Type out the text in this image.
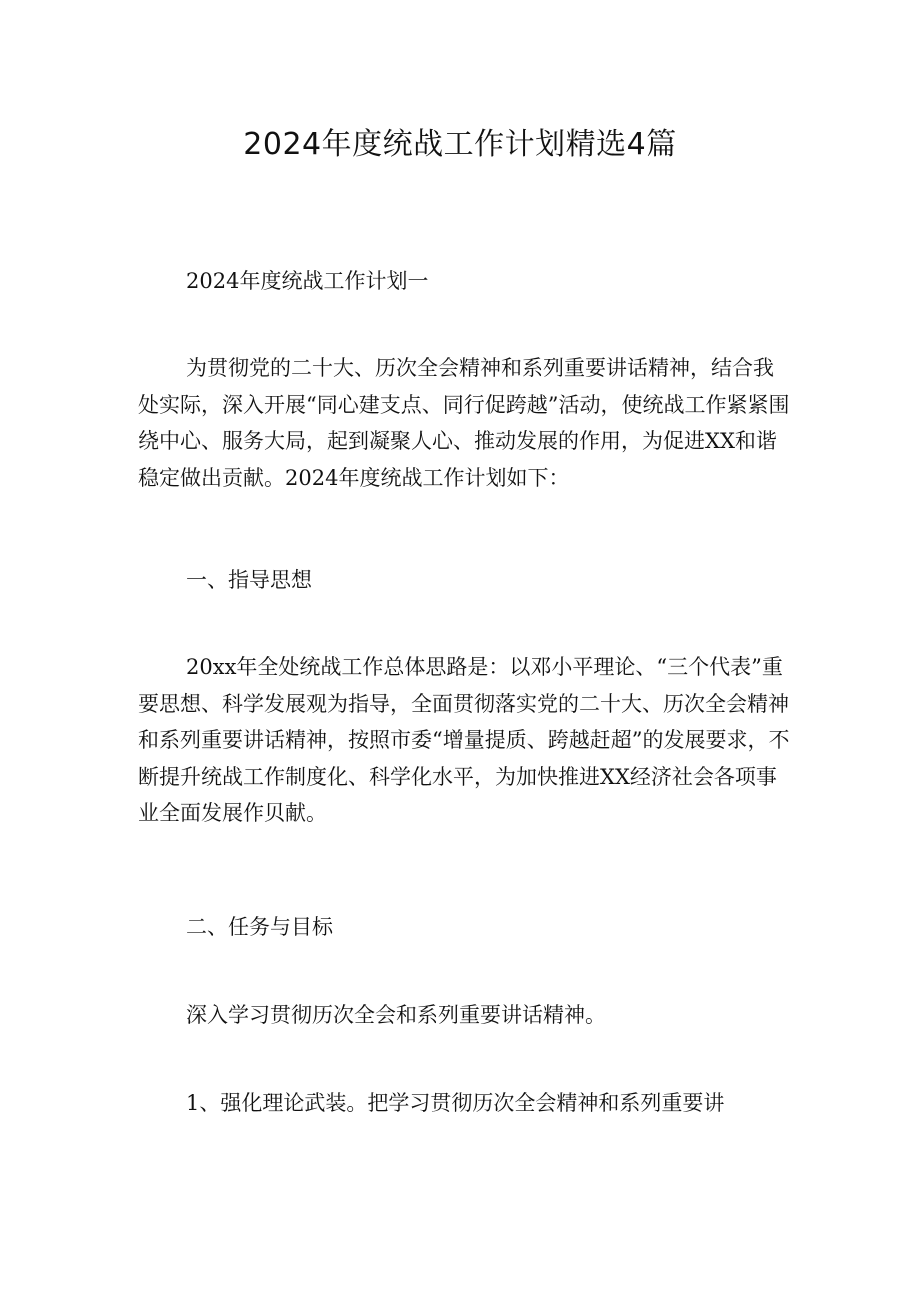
2024年度统战工作计划精选4篇

2024年度统战工作计划一

为贯彻党的二十大、历次全会精神和系列重要讲话精神，结合我处实际，深入开展“同心建支点、同行促跨越”活动，使统战工作紧紧围绕中心、服务大局，起到凝聚人心、推动发展的作用，为促进XX和谐稳定做出贡献。2024年度统战工作计划如下：

一、指导思想

20xx年全处统战工作总体思路是：以邓小平理论、“三个代表”重要思想、科学发展观为指导，全面贯彻落实党的二十大、历次全会精神和系列重要讲话精神，按照市委“增量提质、跨越赶超”的发展要求，不断提升统战工作制度化、科学化水平，为加快推进XX经济社会各项事业全面发展作贝献。

二、任务与目标

深入学习贯彻历次全会和系列重要讲话精神。

1、强化理论武装。把学习贯彻历次全会精神和系列重要讲
